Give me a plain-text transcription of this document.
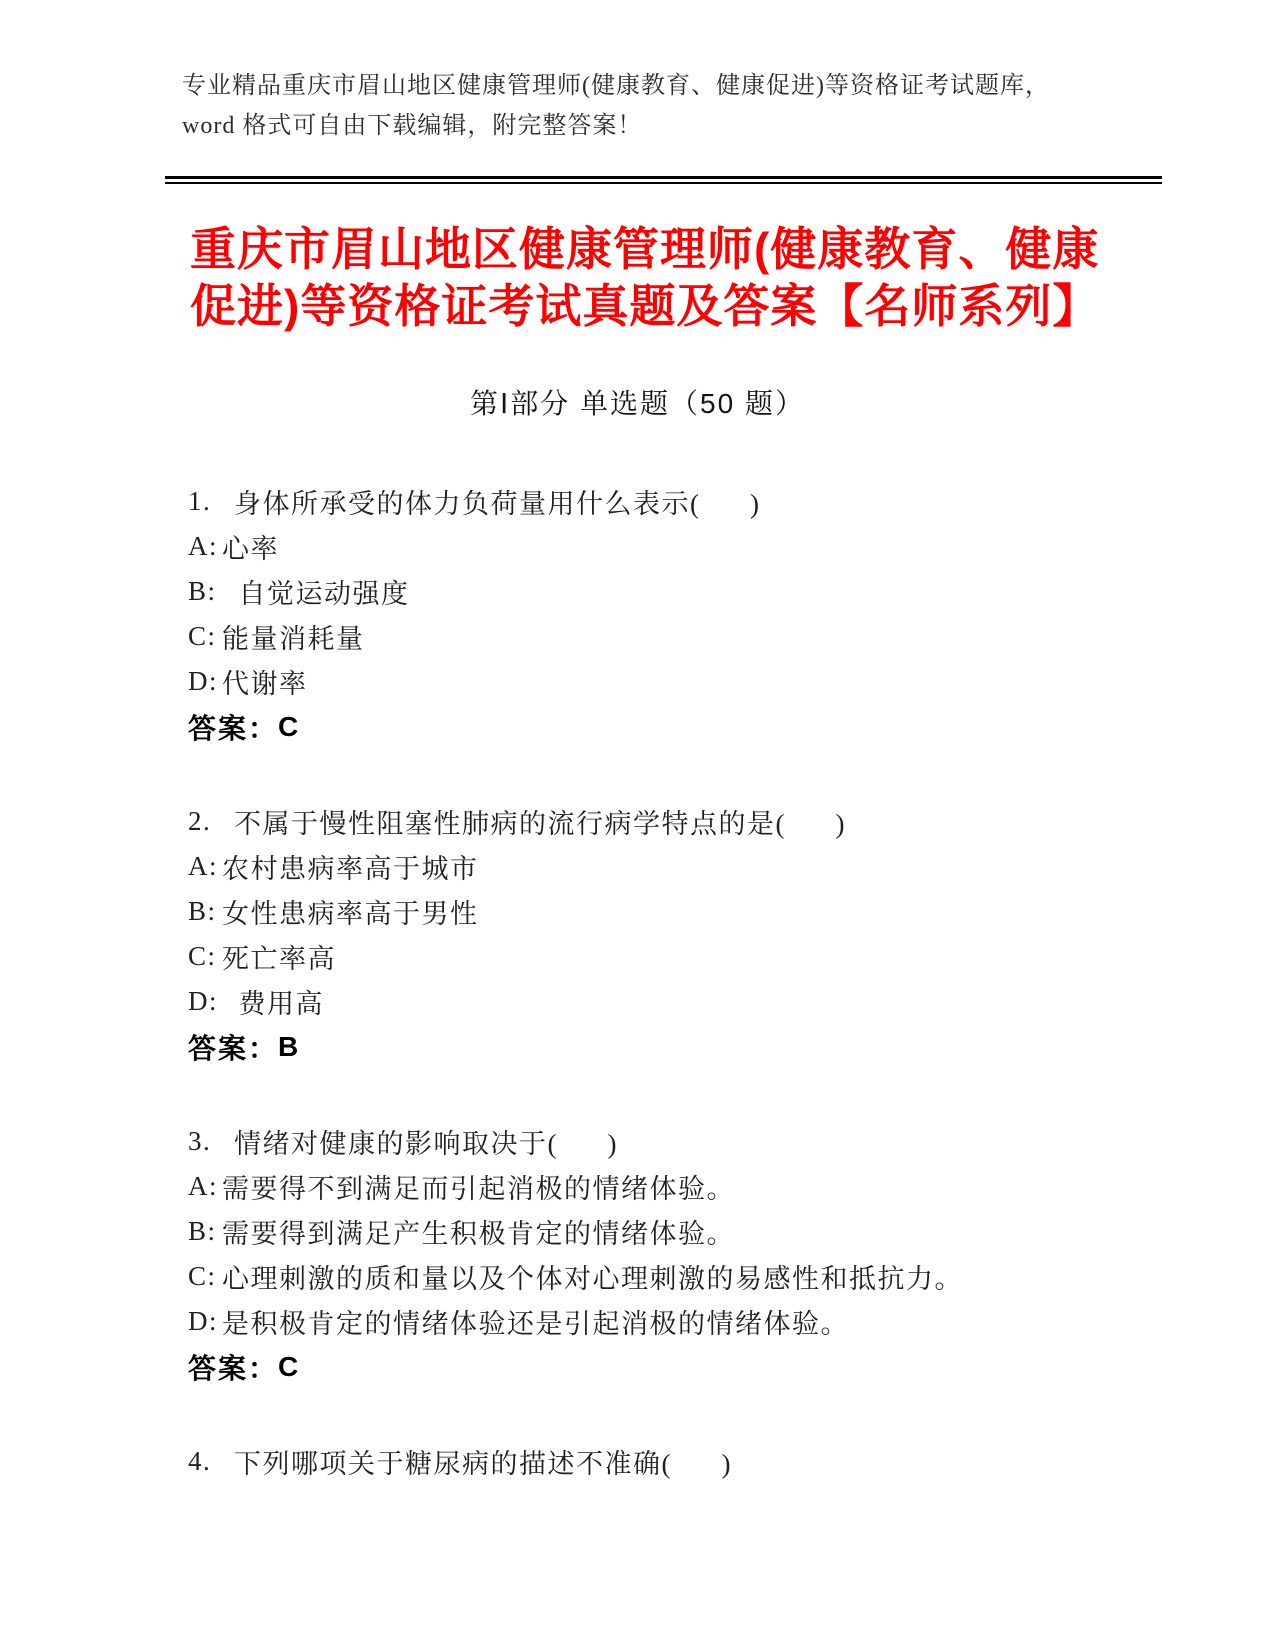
专业精品重庆市眉山地区健康管理师(健康教育、健康促进)等资格证考试题库，
word 格式可自由下载编辑，附完整答案！
重庆市眉山地区健康管理师(健康教育、健康
促进)等资格证考试真题及答案【名师系列】
第Ⅰ部分 单选题（50 题）
1. 身体所承受的体力负荷量用什么表示(      )
A: 心率
B: 自觉运动强度
C: 能量消耗量
D: 代谢率
答案： C
2. 不属于慢性阻塞性肺病的流行病学特点的是(      )
A: 农村患病率高于城市
B: 女性患病率高于男性
C: 死亡率高
D: 费用高
答案： B
3. 情绪对健康的影响取决于(      )
A: 需要得不到满足而引起消极的情绪体验。
B: 需要得到满足产生积极肯定的情绪体验。
C: 心理刺激的质和量以及个体对心理刺激的易感性和抵抗力。
D: 是积极肯定的情绪体验还是引起消极的情绪体验。
答案： C
4. 下列哪项关于糖尿病的描述不准确(      )
